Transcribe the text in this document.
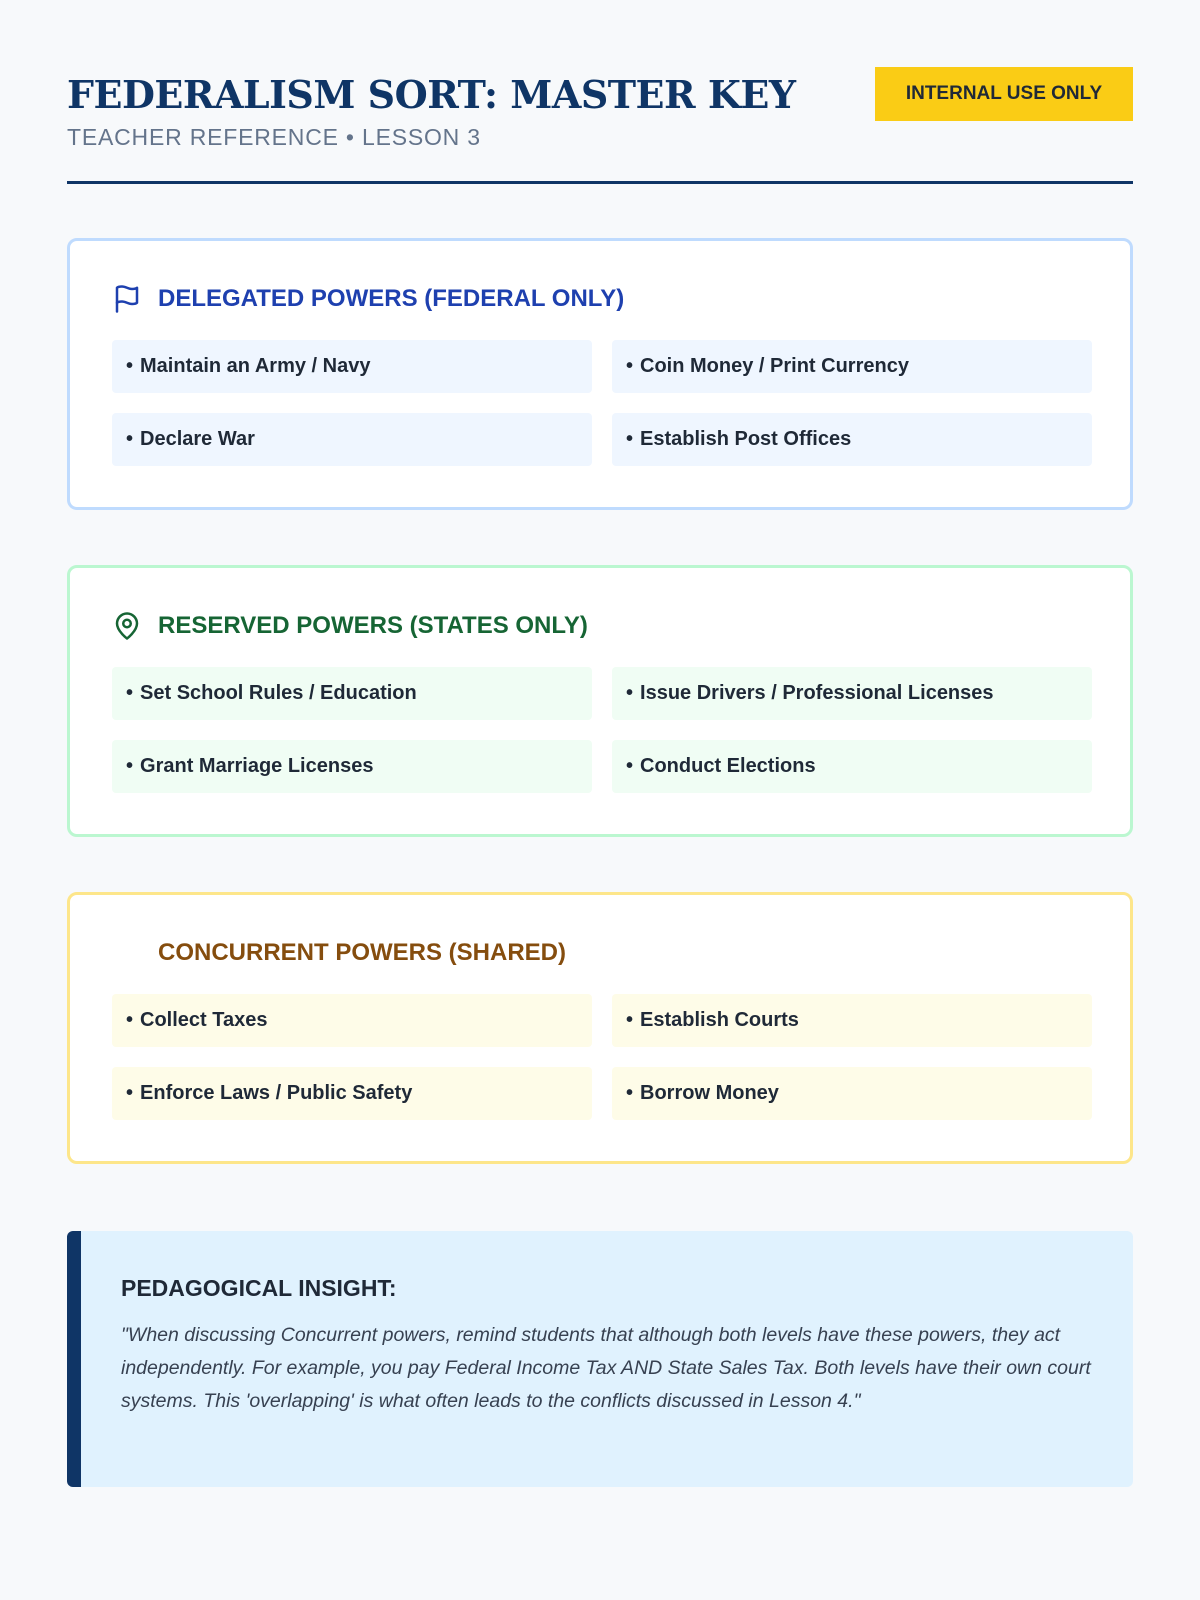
FEDERALISM SORT: MASTER KEY
TEACHER REFERENCE • LESSON 3
INTERNAL USE ONLY
DELEGATED POWERS (FEDERAL ONLY)
• Maintain an Army / Navy	• Coin Money / Print Currency
• Declare War	• Establish Post Offices
RESERVED POWERS (STATES ONLY)
• Set School Rules / Education	• Issue Drivers / Professional Licenses
• Grant Marriage Licenses	• Conduct Elections
CONCURRENT POWERS (SHARED)
• Collect Taxes	• Establish Courts
• Enforce Laws / Public Safety	• Borrow Money
PEDAGOGICAL INSIGHT:
"When discussing Concurrent powers, remind students that although both levels have these powers, they act independently. For example, you pay Federal Income Tax AND State Sales Tax. Both levels have their own court systems. This 'overlapping' is what often leads to the conflicts discussed in Lesson 4."
